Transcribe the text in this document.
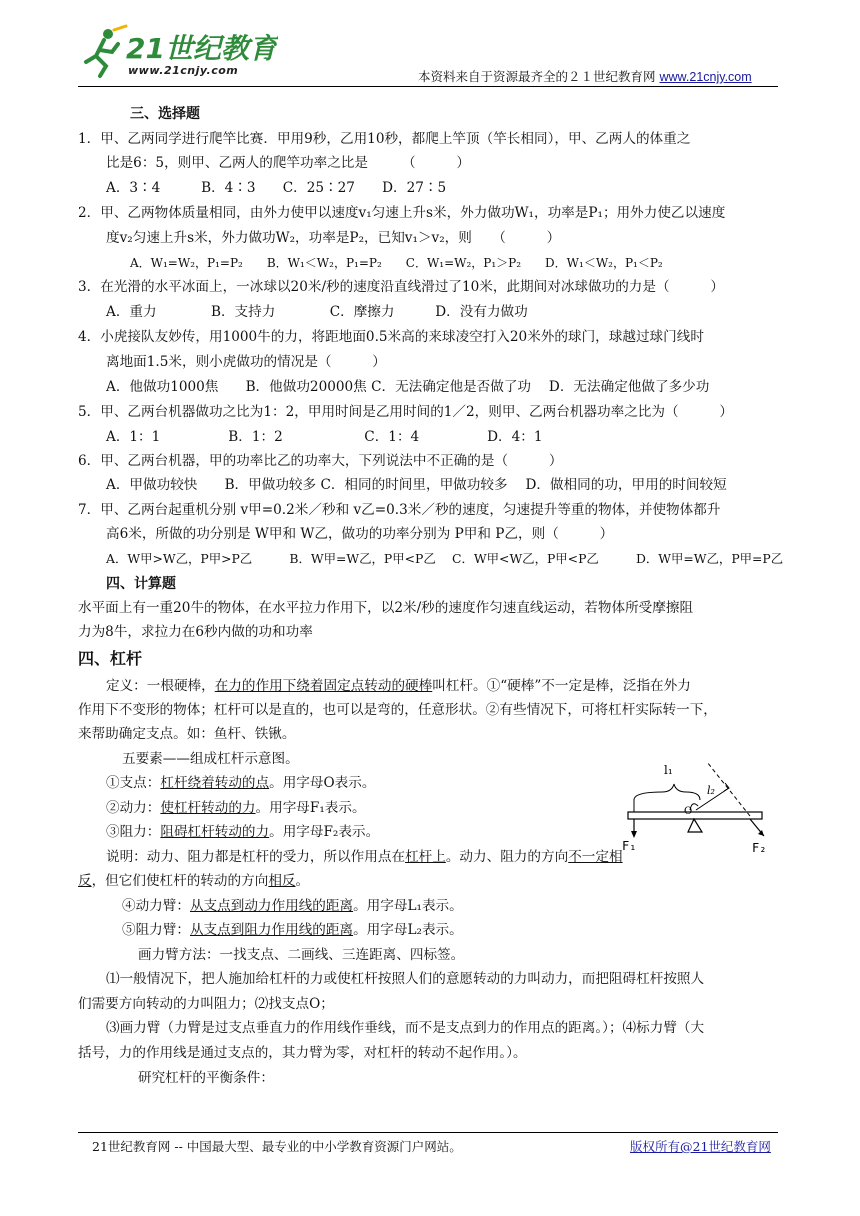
21世纪教育
www.21cnjy.com	本资料来自于资源最齐全的２１世纪教育网 www.21cnjy.com
三、选择题
1．甲、乙两同学进行爬竿比赛．甲用9秒，乙用10秒，都爬上竿顶（竿长相同），甲、乙两人的体重之
比是6：5，则甲、乙两人的爬竿功率之比是　　　（　　　）
A．3∶4　　　B．4∶3　　C．25∶27　　D．27∶5
2．甲、乙两物体质量相同，由外力使甲以速度v₁匀速上升s米，外力做功W₁，功率是P₁；用外力使乙以速度
度v₂匀速上升s米，外力做功W₂，功率是P₂，已知v₁＞v₂，则　　（　　　）
A．W₁=W₂，P₁=P₂　　B．W₁＜W₂，P₁=P₂　　C．W₁=W₂，P₁＞P₂　　D．W₁＜W₂，P₁＜P₂
3．在光滑的水平冰面上，一冰球以20米/秒的速度沿直线滑过了10米，此期间对冰球做功的力是（　　　）
A．重力　　　　B．支持力　　　　C．摩擦力　　　D．没有力做功
4．小虎接队友妙传，用1000牛的力，将距地面0.5米高的来球凌空打入20米外的球门，球越过球门线时
离地面1.5米，则小虎做功的情况是（　　　）
A．他做功1000焦　　B．他做功20000焦 C．无法确定他是否做了功　 D．无法确定他做了多少功
5．甲、乙两台机器做功之比为1：2，甲用时间是乙用时间的1／2，则甲、乙两台机器功率之比为（　　　）
A．1：1　　　　　B．1：2　　　　　　C．1：4　　　　　D．4：1
6．甲、乙两台机器，甲的功率比乙的功率大，下列说法中不正确的是（　　　）
A．甲做功较快　　B．甲做功较多 C．相同的时间里，甲做功较多　 D．做相同的功，甲用的时间较短
7．甲、乙两台起重机分别 v甲=0.2米／秒和 v乙=0.3米／秒的速度，匀速提升等重的物体，并使物体都升
高6米，所做的功分别是 W甲和 W乙，做功的功率分别为 P甲和 P乙，则（　　　）
A．W甲>W乙，P甲>P乙　　　B．W甲=W乙，P甲<P乙　 C．W甲<W乙，P甲<P乙　　　D．W甲=W乙，P甲=P乙
四、计算题
水平面上有一重20牛的物体，在水平拉力作用下，以2米/秒的速度作匀速直线运动，若物体所受摩擦阻
力为8牛，求拉力在6秒内做的功和功率
四、杠杆
定义：一根硬棒，在力的作用下绕着固定点转动的硬棒叫杠杆。①“硬棒”不一定是棒，泛指在外力
作用下不变形的物体；杠杆可以是直的，也可以是弯的，任意形状。②有些情况下，可将杠杆实际转一下，
来帮助确定支点。如：鱼杆、铁锹。
五要素——组成杠杆示意图。
①支点：杠杆绕着转动的点。用字母O表示。
②动力：使杠杆转动的力。用字母F₁表示。
③阻力：阻碍杠杆转动的力。用字母F₂表示。
说明：动力、阻力都是杠杆的受力，所以作用点在杠杆上。动力、阻力的方向不一定相
反，但它们使杠杆的转动的方向相反。
④动力臂：从支点到动力作用线的距离。用字母L₁表示。
⑤阻力臂：从支点到阻力作用线的距离。用字母L₂表示。
画力臂方法：一找支点、二画线、三连距离、四标签。
⑴一般情况下，把人施加给杠杆的力或使杠杆按照人们的意愿转动的力叫动力，而把阻碍杠杆按照人
们需要方向转动的力叫阻力；⑵找支点O；
⑶画力臂（力臂是过支点垂直力的作用线作垂线，而不是支点到力的作用点的距离。）；⑷标力臂（大
括号，力的作用线是通过支点的，其力臂为零，对杠杆的转动不起作用。）。
研究杠杆的平衡条件：
l₁
l₂
O
F₁	F₂
21世纪教育网 -- 中国最大型、最专业的中小学教育资源门户网站。	版权所有@21世纪教育网
